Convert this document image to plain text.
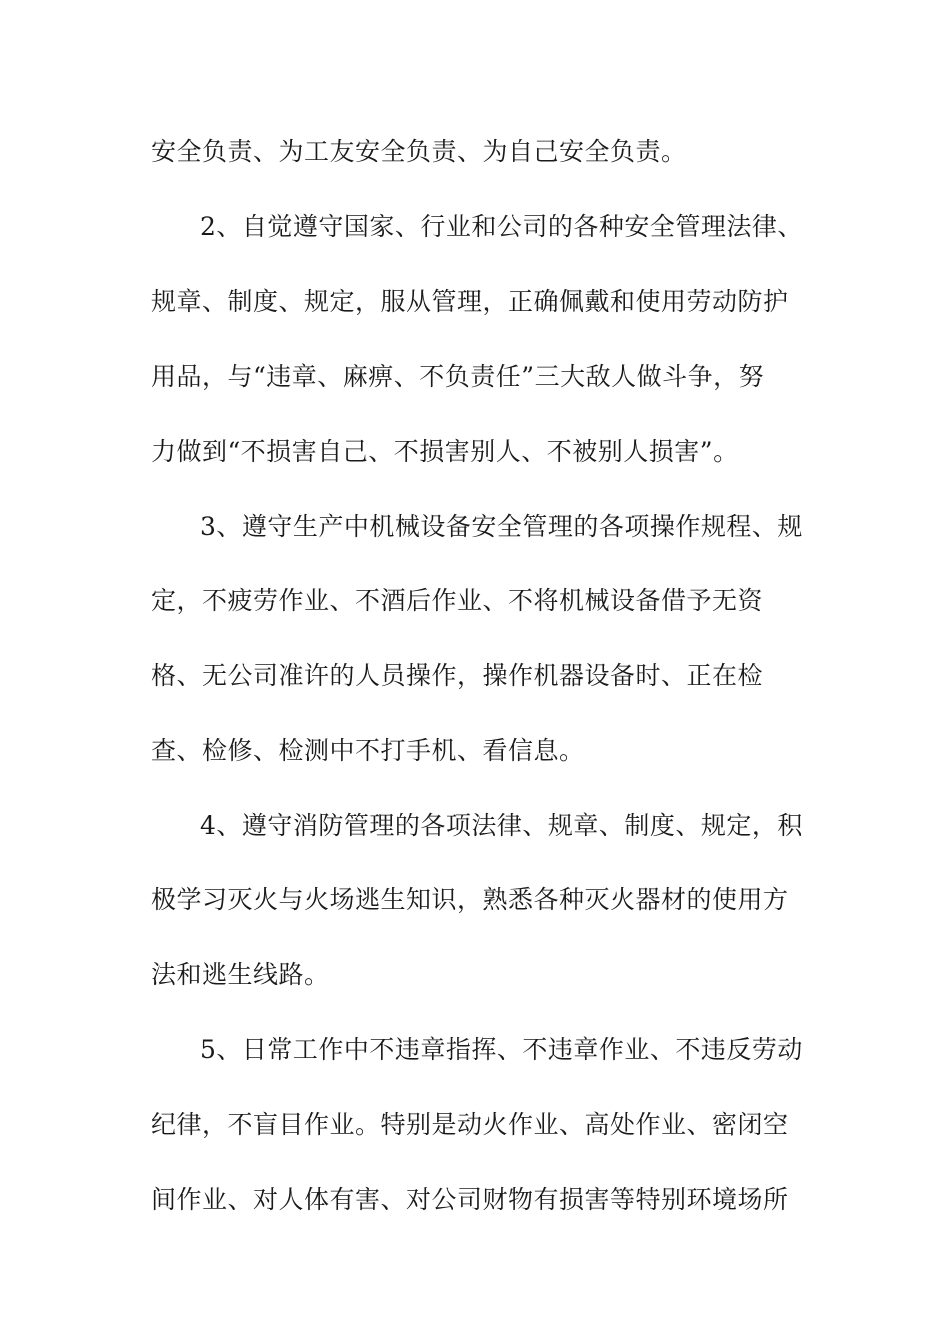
安全负责、为工友安全负责、为自己安全负责。
2、自觉遵守国家、行业和公司的各种安全管理法律、
规章、制度、规定，服从管理，正确佩戴和使用劳动防护
用品，与“违章、麻痹、不负责任”三大敌人做斗争，努
力做到“不损害自己、不损害别人、不被别人损害”。
3、遵守生产中机械设备安全管理的各项操作规程、规
定，不疲劳作业、不酒后作业、不将机械设备借予无资
格、无公司准许的人员操作，操作机器设备时、正在检
查、检修、检测中不打手机、看信息。
4、遵守消防管理的各项法律、规章、制度、规定，积
极学习灭火与火场逃生知识，熟悉各种灭火器材的使用方
法和逃生线路。
5、日常工作中不违章指挥、不违章作业、不违反劳动
纪律，不盲目作业。特别是动火作业、高处作业、密闭空
间作业、对人体有害、对公司财物有损害等特别环境场所
